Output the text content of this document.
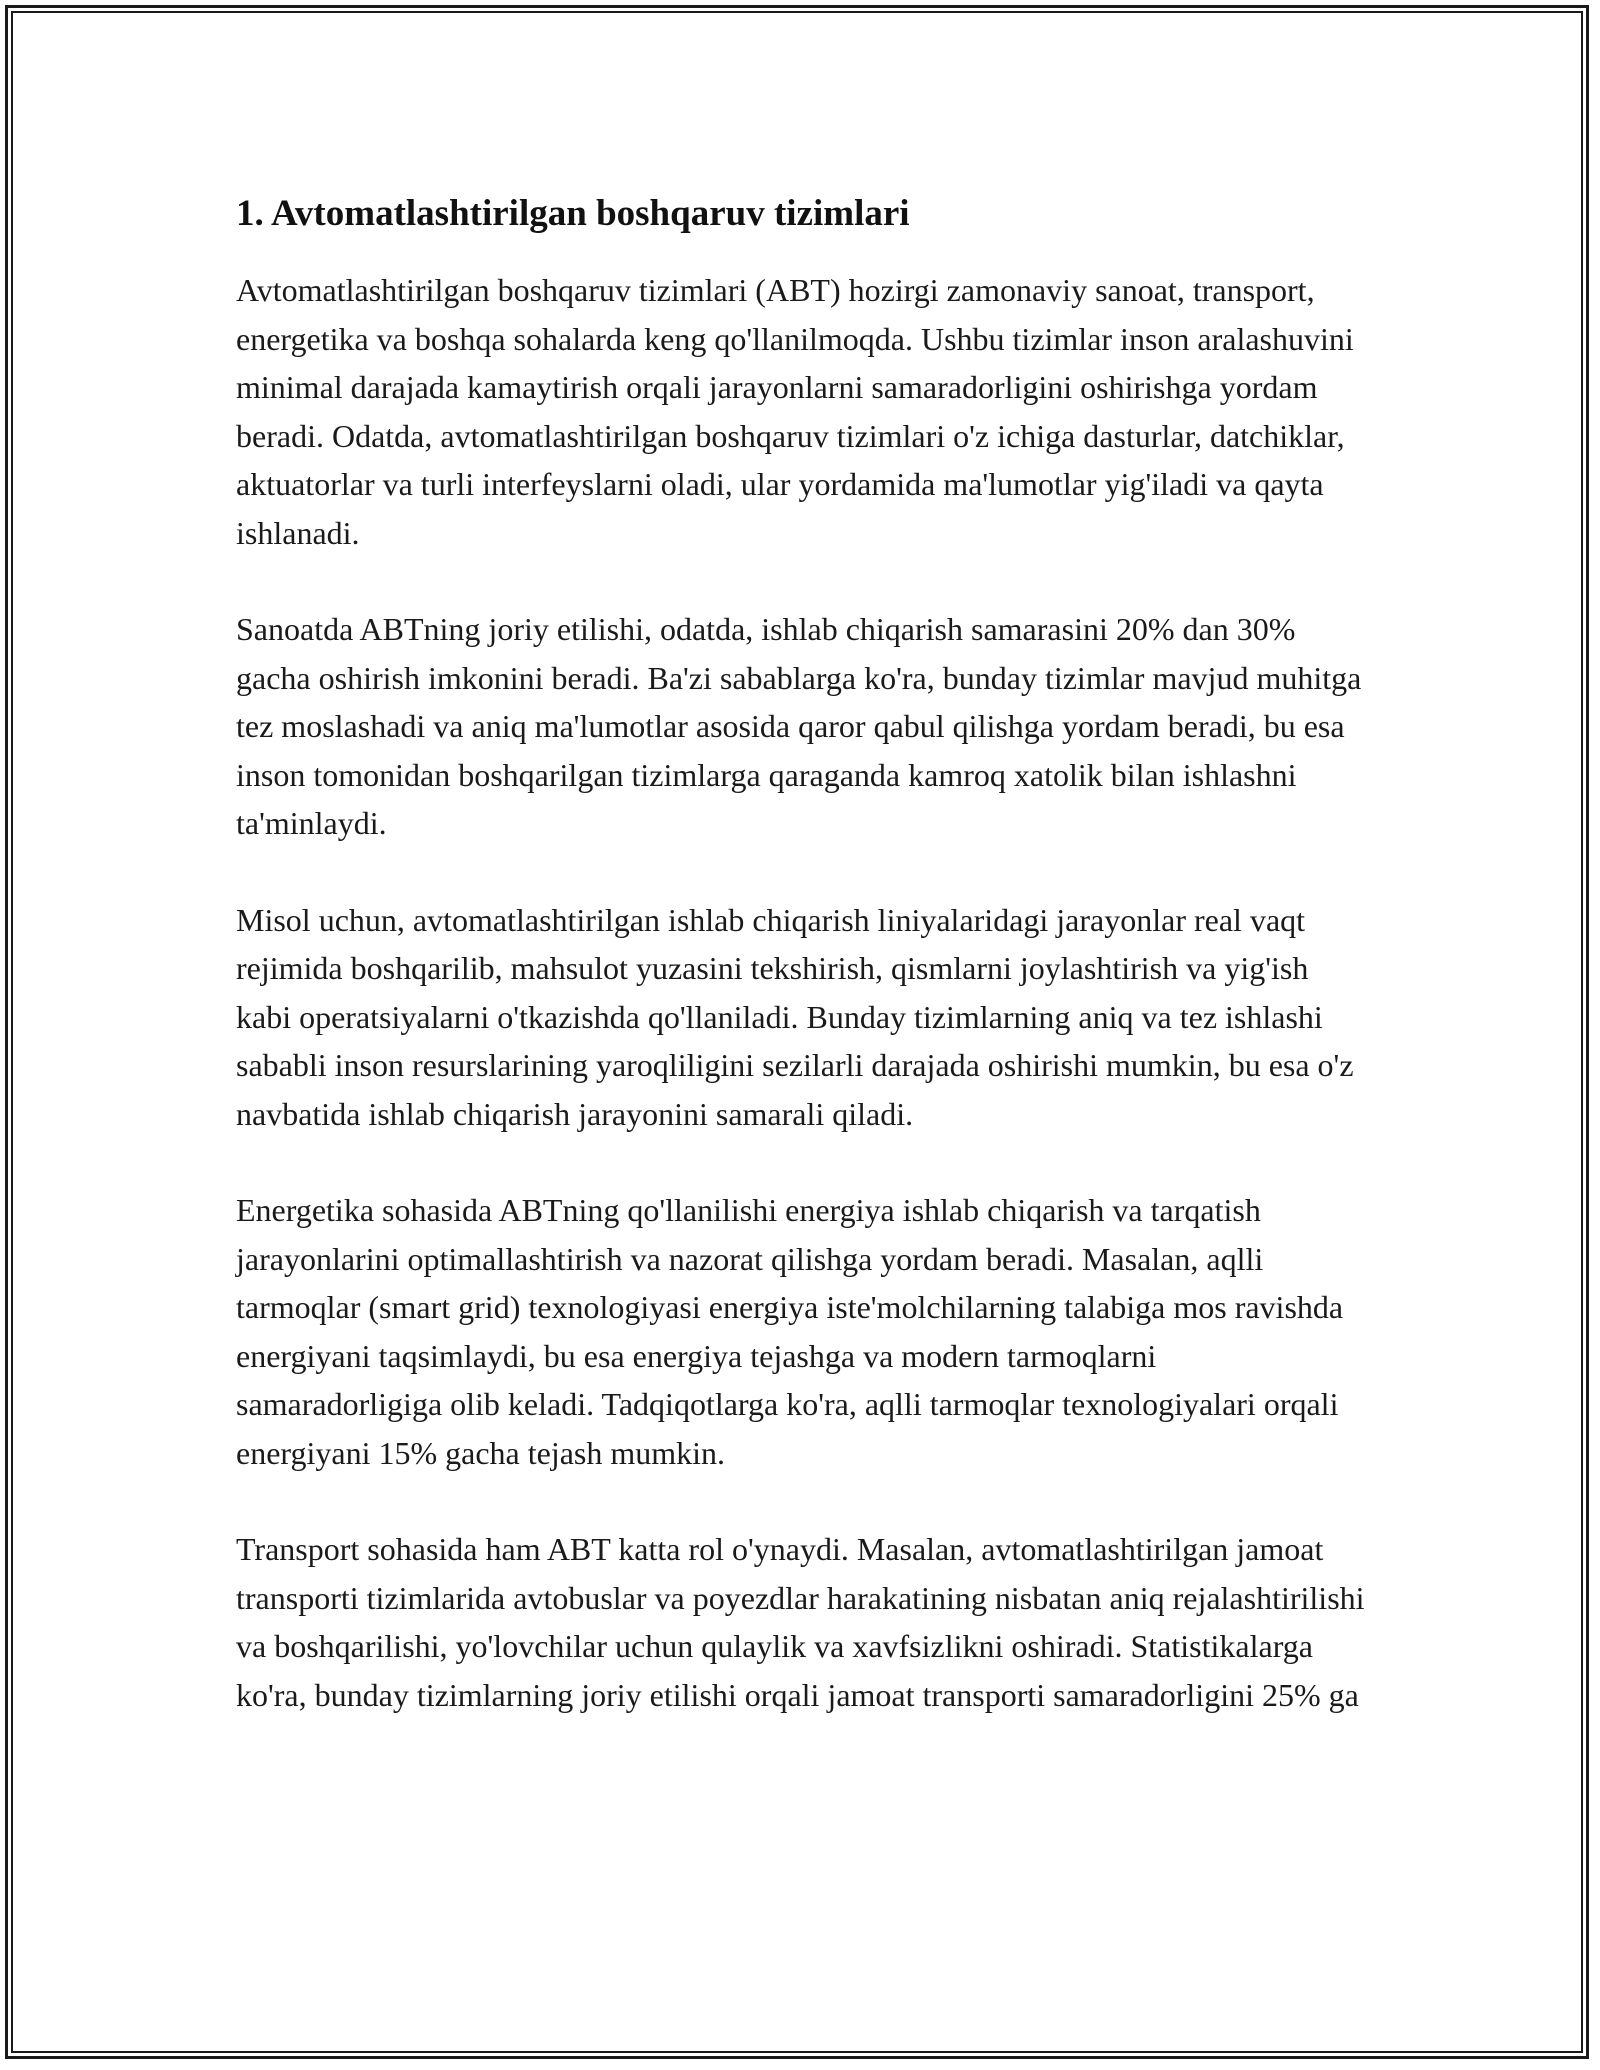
1. Avtomatlashtirilgan boshqaruv tizimlari

Avtomatlashtirilgan boshqaruv tizimlari (ABT) hozirgi zamonaviy sanoat, transport, energetika va boshqa sohalarda keng qo'llanilmoqda. Ushbu tizimlar inson aralashuvini minimal darajada kamaytirish orqali jarayonlarni samaradorligini oshirishga yordam beradi. Odatda, avtomatlashtirilgan boshqaruv tizimlari o'z ichiga dasturlar, datchiklar, aktuatorlar va turli interfeyslarni oladi, ular yordamida ma'lumotlar yig'iladi va qayta ishlanadi.

Sanoatda ABTning joriy etilishi, odatda, ishlab chiqarish samarasini 20% dan 30% gacha oshirish imkonini beradi. Ba'zi sabablarga ko'ra, bunday tizimlar mavjud muhitga tez moslashadi va aniq ma'lumotlar asosida qaror qabul qilishga yordam beradi, bu esa inson tomonidan boshqarilgan tizimlarga qaraganda kamroq xatolik bilan ishlashni ta'minlaydi.

Misol uchun, avtomatlashtirilgan ishlab chiqarish liniyalaridagi jarayonlar real vaqt rejimida boshqarilib, mahsulot yuzasini tekshirish, qismlarni joylashtirish va yig'ish kabi operatsiyalarni o'tkazishda qo'llaniladi. Bunday tizimlarning aniq va tez ishlashi sababli inson resurslarining yaroqliligini sezilarli darajada oshirishi mumkin, bu esa o'z navbatida ishlab chiqarish jarayonini samarali qiladi.

Energetika sohasida ABTning qo'llanilishi energiya ishlab chiqarish va tarqatish jarayonlarini optimallashtirish va nazorat qilishga yordam beradi. Masalan, aqlli tarmoqlar (smart grid) texnologiyasi energiya iste'molchilarning talabiga mos ravishda energiyani taqsimlaydi, bu esa energiya tejashga va modern tarmoqlarni samaradorligiga olib keladi. Tadqiqotlarga ko'ra, aqlli tarmoqlar texnologiyalari orqali energiyani 15% gacha tejash mumkin.

Transport sohasida ham ABT katta rol o'ynaydi. Masalan, avtomatlashtirilgan jamoat transporti tizimlarida avtobuslar va poyezdlar harakatining nisbatan aniq rejalashtirilishi va boshqarilishi, yo'lovchilar uchun qulaylik va xavfsizlikni oshiradi. Statistikalarga ko'ra, bunday tizimlarning joriy etilishi orqali jamoat transporti samaradorligini 25% ga
